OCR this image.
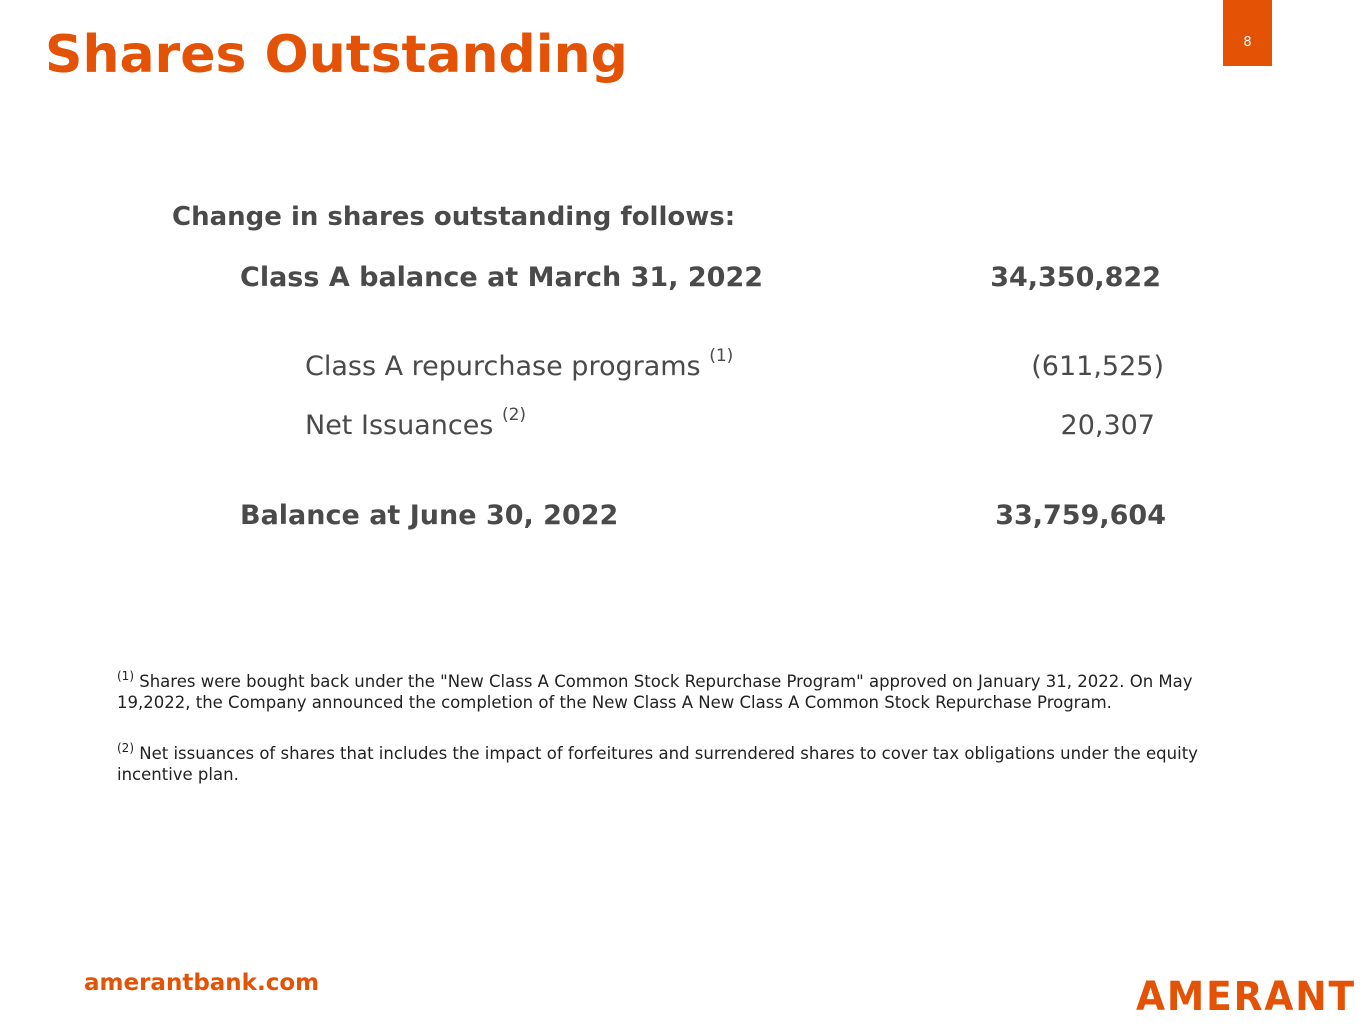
Shares Outstanding	8
Change in shares outstanding follows:
Class A balance at March 31, 2022	34,350,822
Class A repurchase programs $^{(1)}$	(611,525)
Net Issuances $^{(2)}$	20,307
Balance at June 30, 2022	33,759,604
$^{(1)}$ Shares were bought back under the "New Class A Common Stock Repurchase Program" approved on January 31, 2022. On May 19,2022, the Company announced the completion of the New Class A New Class A Common Stock Repurchase Program.
$^{(2)}$ Net issuances of shares that includes the impact of forfeitures and surrendered shares to cover tax obligations under the equity incentive plan.
amerantbank.com	AMERANT
